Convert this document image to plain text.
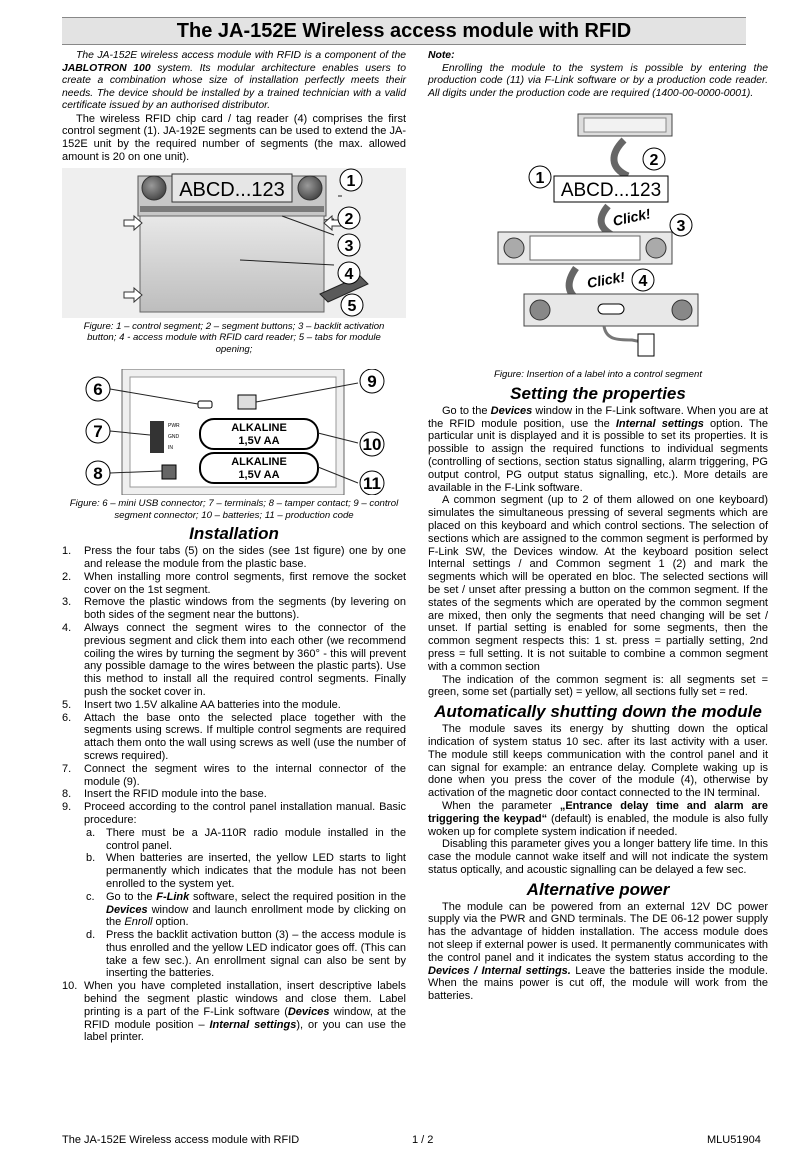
The JA-152E Wireless access module with RFID

The JA-152E wireless access module with RFID is a component of the JABLOTRON 100 system. Its modular architecture enables users to create a combination whose size of installation perfectly meets their needs. The device should be installed by a trained technician with a valid certificate issued by an authorised distributor.

The wireless RFID chip card / tag reader (4) comprises the first control segment (1). JA-192E segments can be used to extend the JA-152E unit by the required number of segments (the max. allowed amount is 20 on one unit).

ABCD...123	1
2
3
4
5
Figure: 1 – control segment; 2 – segment buttons; 3 – backlit activation button; 4 - access module with RFID card reader; 5 – tabs for module opening;
PWR
GND
IN
ALKALINE
1,5V AA
ALKALINE
1,5V AA
6
7
8
9
10
11
Figure: 6 – mini USB connector; 7 – terminals; 8 – tamper contact; 9 – control segment connector; 10 – batteries; 11 – production code
Installation
1. Press the four tabs (5) on the sides (see 1st figure) one by one and release the module from the plastic base.
2. When installing more control segments, first remove the socket cover on the 1st segment.
3. Remove the plastic windows from the segments (by levering on both sides of the segment near the buttons).
4. Always connect the segment wires to the connector of the previous segment and click them into each other (we recommend coiling the wires by turning the segment by 360° - this will prevent any possible damage to the wires between the plastic parts). Use this method to install all the required control segments. Finally push the socket cover in.
5. Insert two 1.5V alkaline AA batteries into the module.
6. Attach the base onto the selected place together with the segments using screws. If multiple control segments are required attach them onto the wall using screws as well (use the number of screws required).
7. Connect the segment wires to the internal connector of the module (9).
8. Insert the RFID module into the base.
9. Proceed according to the control panel installation manual. Basic procedure:
a. There must be a JA-110R radio module installed in the control panel.
b. When batteries are inserted, the yellow LED starts to light permanently which indicates that the module has not been enrolled to the system yet.
c. Go to the F-Link software, select the required position in the Devices window and launch enrollment mode by clicking on the Enroll option.
d. Press the backlit activation button (3) – the access module is thus enrolled and the yellow LED indicator goes off. (This can take a few sec.). An enrollment signal can also be sent by inserting the batteries.
10. When you have completed installation, insert descriptive labels behind the segment plastic windows and close them. Label printing is a part of the F-Link software (Devices window, at the RFID module position – Internal settings), or you can use the label printer.
Note:

Enrolling the module to the system is possible by entering the production code (11) via F-Link software or by a production code reader. All digits under the production code are required (1400-00-0000-0001).

ABCD...123
Click!
Click!
1
2
3
4
Figure: Insertion of a label into a control segment
Setting the properties

Go to the Devices window in the F-Link software. When you are at the RFID module position, use the Internal settings option. The particular unit is displayed and it is possible to set its properties. It is possible to assign the required functions to individual segments (controlling of sections, section status signalling, alarm triggering, PG output control, PG output status signalling, etc.). More details are available in the F-Link software.

A common segment (up to 2 of them allowed on one keyboard) simulates the simultaneous pressing of several segments which are placed on this keyboard and which control sections. The selection of sections which are assigned to the common segment is performed by F-Link SW, the Devices window. At the keyboard position select Internal settings / and Common segment 1 (2) and mark the segments which will be operated en bloc. The selected sections will be set / unset after pressing a button on the common segment. If the states of the segments which are operated by the common segment are mixed, then only the segments that need changing will be set / unset. If partial setting is enabled for some segments, then the common segment respects this: 1 st. press = partially setting, 2nd press = full setting. It is not suitable to combine a common segment with a common section

The indication of the common segment is: all segments set = green, some set (partially set) = yellow, all sections fully set = red.

Automatically shutting down the module

The module saves its energy by shutting down the optical indication of system status 10 sec. after its last activity with a user. The module still keeps communication with the control panel and it can signal for example: an entrance delay. Complete waking up is done when you press the cover of the module (4), otherwise by activation of the magnetic door contact connected to the IN terminal.

When the parameter „Entrance delay time and alarm are triggering the keypad“ (default) is enabled, the module is also fully woken up for complete system indication if needed.

Disabling this parameter gives you a longer battery life time. In this case the module cannot wake itself and will not indicate the system status optically, and acoustic signalling can be delayed a few sec.

Alternative power

The module can be powered from an external 12V DC power supply via the PWR and GND terminals. The DE 06-12 power supply has the advantage of hidden installation. The access module does not sleep if external power is used. It permanently communicates with the control panel and it indicates the system status according to the Devices / Internal settings. Leave the batteries inside the module. When the mains power is cut off, the module will work from the batteries.

The JA-152E Wireless access module with RFID	1 / 2	MLU51904
